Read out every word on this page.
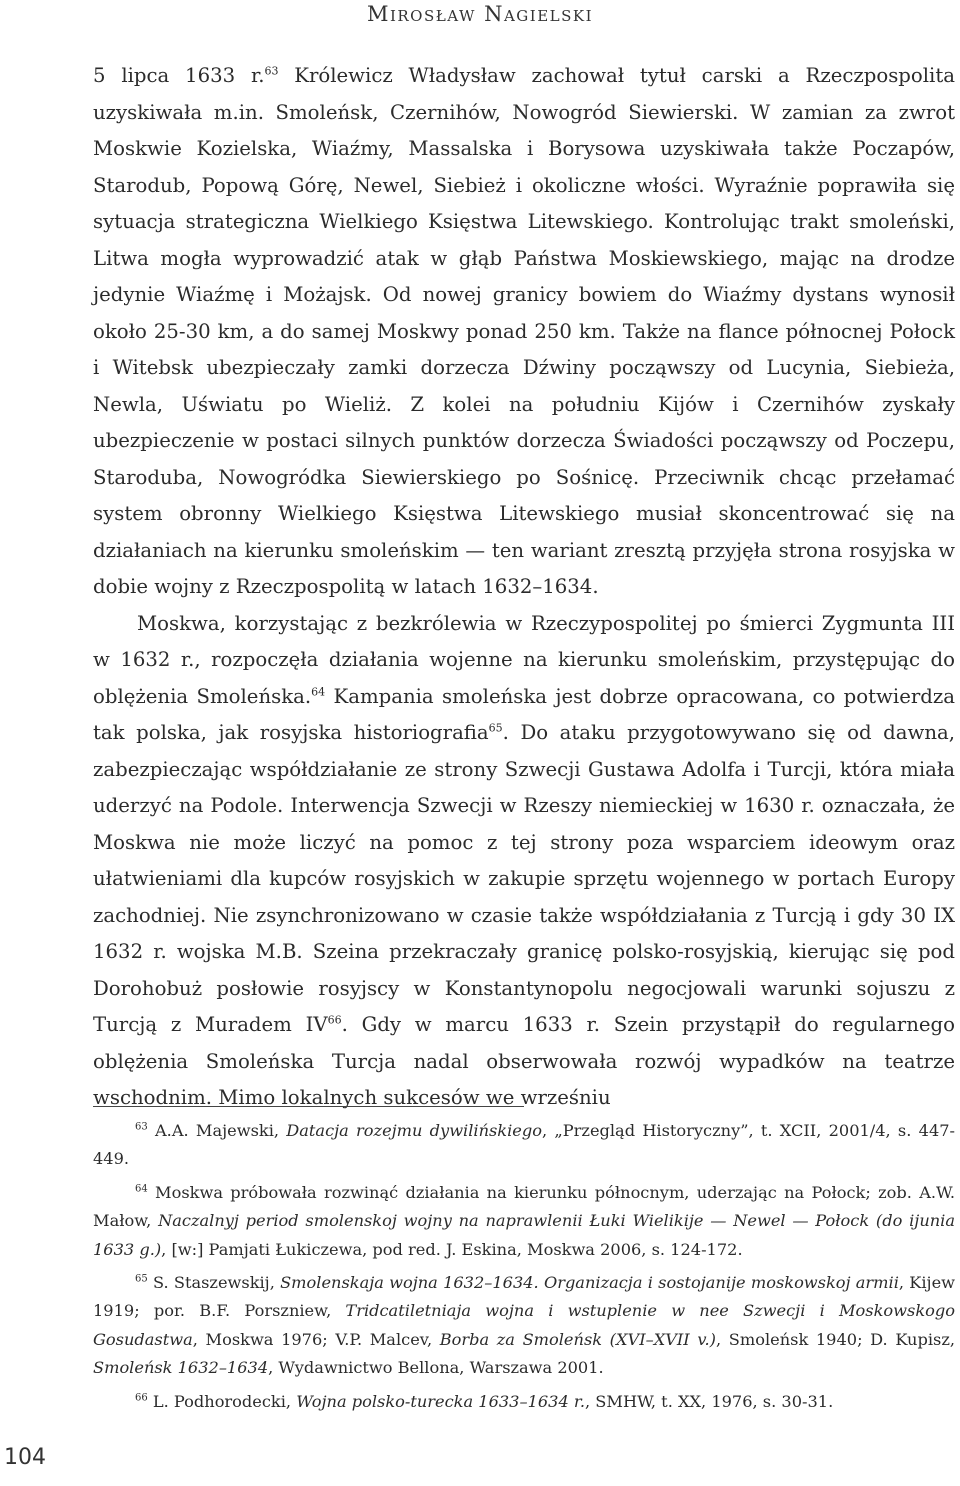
Mirosław Nagielski

5 lipca 1633 r.$^{63}$ Królewicz Władysław zachował tytuł carski a Rzeczpospolita uzyskiwała m.in. Smoleńsk, Czernihów, Nowogród Siewierski. W zamian za zwrot Moskwie Kozielska, Wiaźmy, Massalska i Borysowa uzyskiwała także Poczapów, Starodub, Popową Górę, Newel, Siebież i okoliczne włości. Wyraźnie poprawiła się sytuacja strategiczna Wielkiego Księstwa Litewskiego. Kontrolując trakt smoleński, Litwa mogła wyprowadzić atak w głąb Państwa Moskiewskiego, mając na drodze jedynie Wiaźmę i Możajsk. Od nowej granicy bowiem do Wiaźmy dystans wynosił około 25-30 km, a do samej Moskwy ponad 250 km. Także na flance północnej Połock i Witebsk ubezpieczały zamki dorzecza Dźwiny począwszy od Lucynia, Siebieża, Newla, Uświatu po Wieliż. Z kolei na południu Kijów i Czernihów zyskały ubezpieczenie w postaci silnych punktów dorzecza Świadości począwszy od Poczepu, Staroduba, Nowogródka Siewierskiego po Sośnicę. Przeciwnik chcąc przełamać system obronny Wielkiego Księstwa Litewskiego musiał skoncentrować się na działaniach na kierunku smoleńskim — ten wariant zresztą przyjęła strona rosyjska w dobie wojny z Rzeczpospolitą w latach 1632–1634.

Moskwa, korzystając z bezkrólewia w Rzeczypospolitej po śmierci Zygmunta III w 1632 r., rozpoczęła działania wojenne na kierunku smoleńskim, przystępując do oblężenia Smoleńska.$^{64}$ Kampania smoleńska jest dobrze opracowana, co potwierdza tak polska, jak rosyjska historiografia$^{65}$. Do ataku przygotowywano się od dawna, zabezpieczając współdziałanie ze strony Szwecji Gustawa Adolfa i Turcji, która miała uderzyć na Podole. Interwencja Szwecji w Rzeszy niemieckiej w 1630 r. oznaczała, że Moskwa nie może liczyć na pomoc z tej strony poza wsparciem ideowym oraz ułatwieniami dla kupców rosyjskich w zakupie sprzętu wojennego w portach Europy zachodniej. Nie zsynchronizowano w czasie także współdziałania z Turcją i gdy 30 IX 1632 r. wojska M.B. Szeina przekraczały granicę polsko-rosyjskią, kierując się pod Dorohobuż posłowie rosyjscy w Konstantynopolu negocjowali warunki sojuszu z Turcją z Muradem IV$^{66}$. Gdy w marcu 1633 r. Szein przystąpił do regularnego oblężenia Smoleńska Turcja nadal obserwowała rozwój wypadków na teatrze wschodnim. Mimo lokalnych sukcesów we wrześniu

$^{63}$ A.A. Majewski, Datacja rozejmu dywilińskiego, „Przegląd Historyczny”, t. XCII, 2001/4, s. 447-449.

$^{64}$ Moskwa próbowała rozwinąć działania na kierunku północnym, uderzając na Połock; zob. A.W. Małow, Naczalnyj period smolenskoj wojny na naprawlenii Łuki Wielikije — Newel — Połock (do ijunia 1633 g.), [w:] Pamjati Łukiczewa, pod red. J. Eskina, Moskwa 2006, s. 124-172.

$^{65}$ S. Staszewskij, Smolenskaja wojna 1632–1634. Organizacja i sostojanije moskowskoj armii, Kijew 1919; por. B.F. Porszniew, Tridcatiletniaja wojna i wstuplenie w nee Szwecji i Moskowskogo Gosudastwa, Moskwa 1976; V.P. Malcev, Borba za Smoleńsk (XVI–XVII v.), Smoleńsk 1940; D. Kupisz, Smoleńsk 1632–1634, Wydawnictwo Bellona, Warszawa 2001.

$^{66}$ L. Podhorodecki, Wojna polsko-turecka 1633–1634 r., SMHW, t. XX, 1976, s. 30-31.

104
